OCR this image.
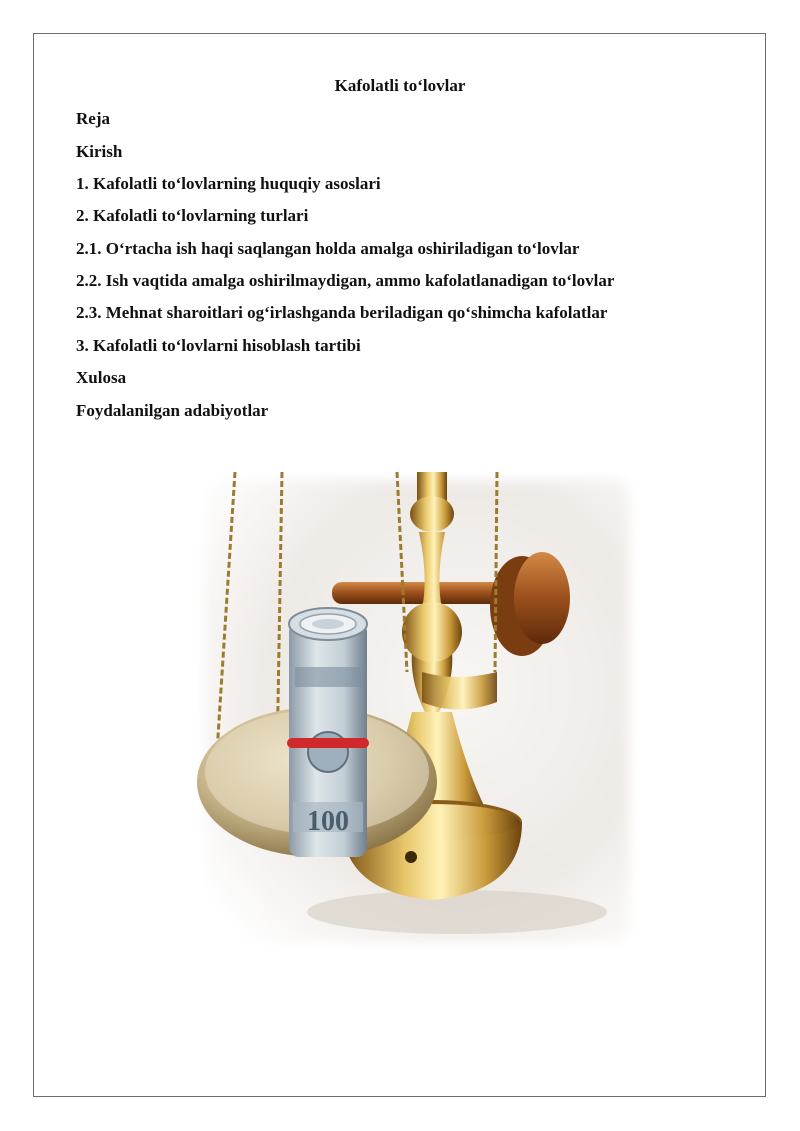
Kafolatli to‘lovlar
Reja
Kirish
1. Kafolatli to‘lovlarning huquqiy asoslari
2. Kafolatli to‘lovlarning turlari
2.1. O‘rtacha ish haqi saqlangan holda amalga oshiriladigan to‘lovlar
2.2. Ish vaqtida amalga oshirilmaydigan, ammo kafolatlanadigan to‘lovlar
2.3. Mehnat sharoitlari og‘irlashganda beriladigan qo‘shimcha kafolatlar
3. Kafolatli to‘lovlarni hisoblash tartibi
Xulosa
Foydalanilgan adabiyotlar
100
